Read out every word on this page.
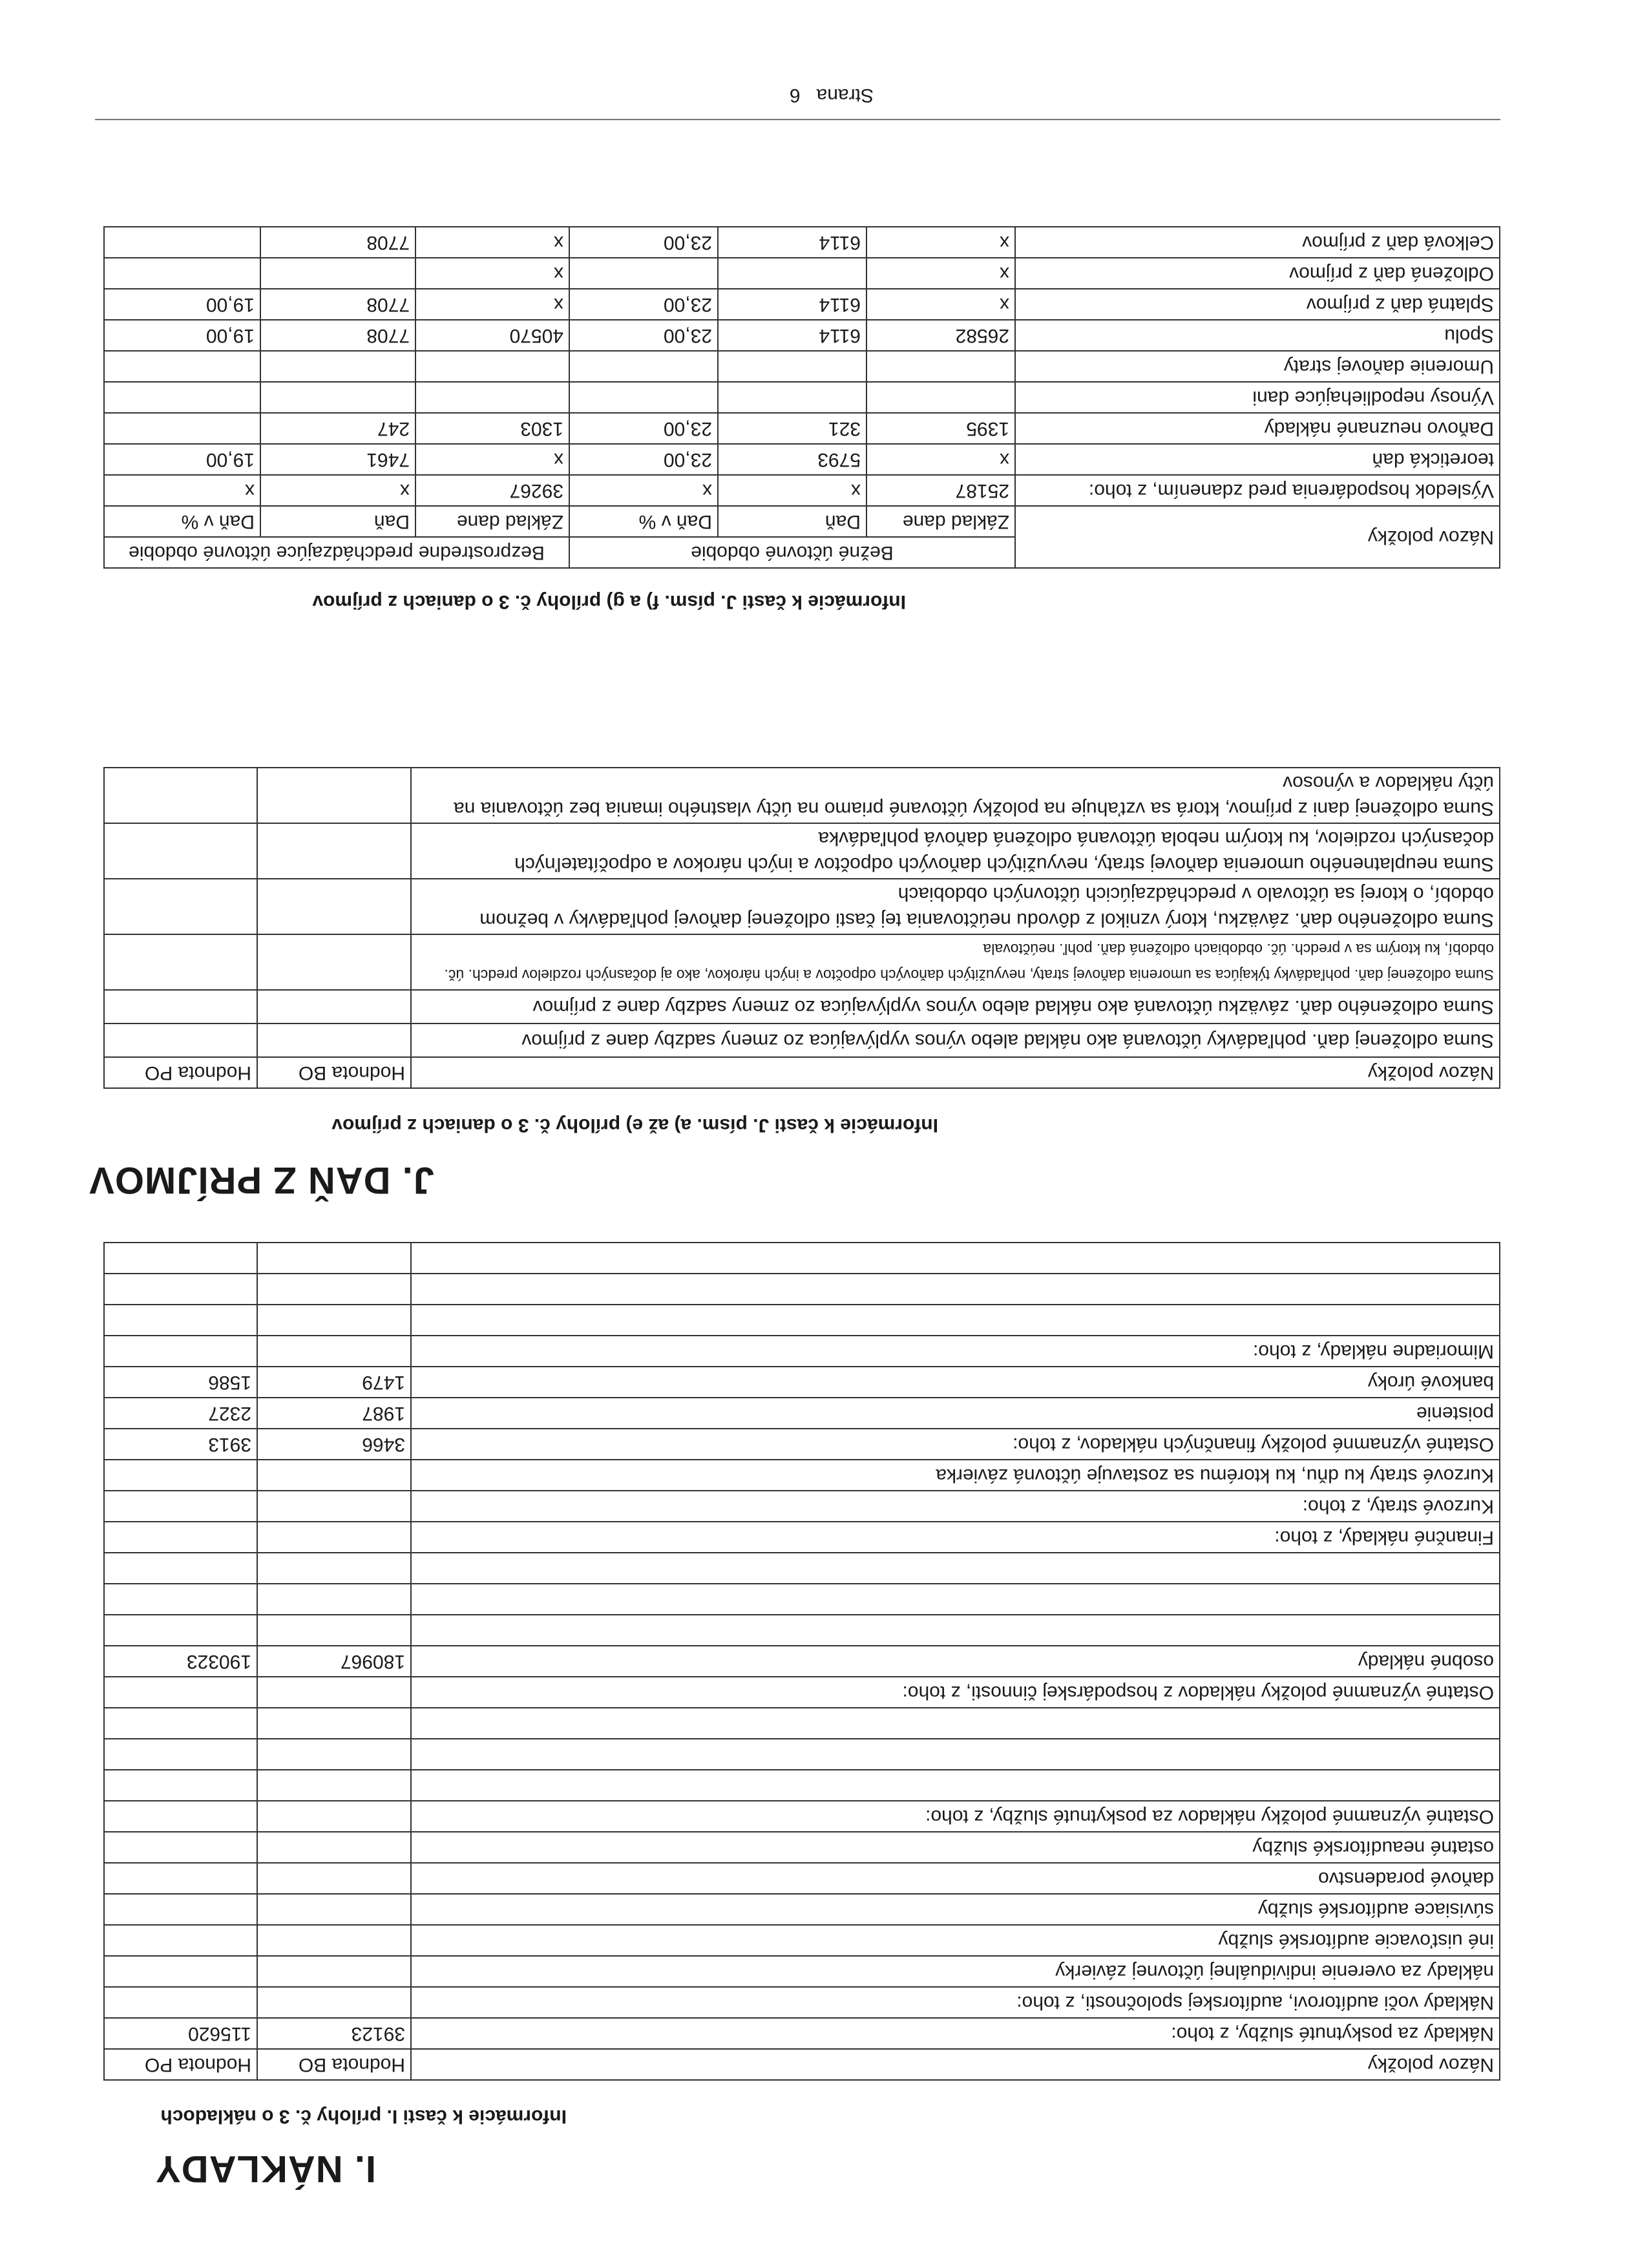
I. NÁKLADY
Informácie k časti I. prílohy č. 3 o nákladoch
Názov položky	Hodnota BO	Hodnota PO
Náklady za poskytnuté služby, z toho:	39123	115620
Náklady voči audítorovi, audítorskej spoločnosti, z toho:		
náklady za overenie individuálnej účtovnej závierky		
iné uisťovacie audítorské služby		
súvisiace audítorské služby		
daňové poradenstvo		
ostatné neaudítorské služby		
Ostatné významné položky nákladov za poskytnuté služby, z toho:		

Ostatné významné položky nákladov z hospodárskej činnosti, z toho:		
osobné náklady	180967	190323

Finančné náklady, z toho:		
Kurzové straty, z toho:		
Kurzové straty ku dňu, ku ktorému sa zostavuje účtovná závierka		
Ostatné významné položky finančných nákladov, z toho:	3466	3913
poistenie	1987	2327
bankové úroky	1479	1586
Mimoriadne náklady, z toho:		

J. DAŇ Z PRÍJMOV
Informácie k časti J. písm. a) až e) prílohy č. 3 o daniach z príjmov
Názov položky	Hodnota BO	Hodnota PO
Suma odloženej daň. pohľadávky účtovaná ako náklad alebo výnos vyplývajúca zo zmeny sadzby dane z príjmov		
Suma odloženého daň. záväzku účtovaná ako náklad alebo výnos vyplývajúca zo zmeny sadzby dane z príjmov		
Suma odloženej daň. pohľadávky týkajúca sa umorenia daňovej straty, nevyužitých daňových odpočtov a iných nárokov, ako aj dočasných rozdielov predch. úč. období, ku ktorým sa v predch. úč. obdobiach odložená daň. pohľ. neúčtovala		
Suma odloženého daň. záväzku, ktorý vznikol z dôvodu neúčtovania tej časti odloženej daňovej pohľadávky v bežnom období, o ktorej sa účtovalo v predchádzajúcich účtovných obdobiach		
Suma neuplatneného umorenia daňovej straty, nevyužitých daňových odpočtov a iných nárokov a odpočítateľných dočasných rozdielov, ku ktorým nebola účtovaná odložená daňová pohľadávka		
Suma odloženej dani z príjmov, ktorá sa vzťahuje na položky účtované priamo na účty vlastného imania bez účtovania na účty nákladov a výnosov		
Informácie k časti J. písm. f) a g) prílohy č. 3 o daniach z príjmov
Názov položky	Bežné účtovné obdobie			Bezprostredne predchádzajúce účtovné obdobie		
	Základ dane	Daň	Daň v %	Základ dane	Daň	Daň v %
Výsledok hospodárenia pred zdanením, z toho:	25187	x	x	39267	x	x
teoretická daň	x	5793	23,00	x	7461	19,00
Daňovo neuznané náklady	1395	321	23,00	1303	247	
Výnosy nepodliehajúce dani						
Umorenie daňovej straty						
Spolu	26582	6114	23,00	40570	7708	19,00
Splatná daň z príjmov	x	6114	23,00	x	7708	19,00
Odložená daň z príjmov	x			x		
Celková daň z príjmov	x	6114	23,00	x	7708	
Strana   6
